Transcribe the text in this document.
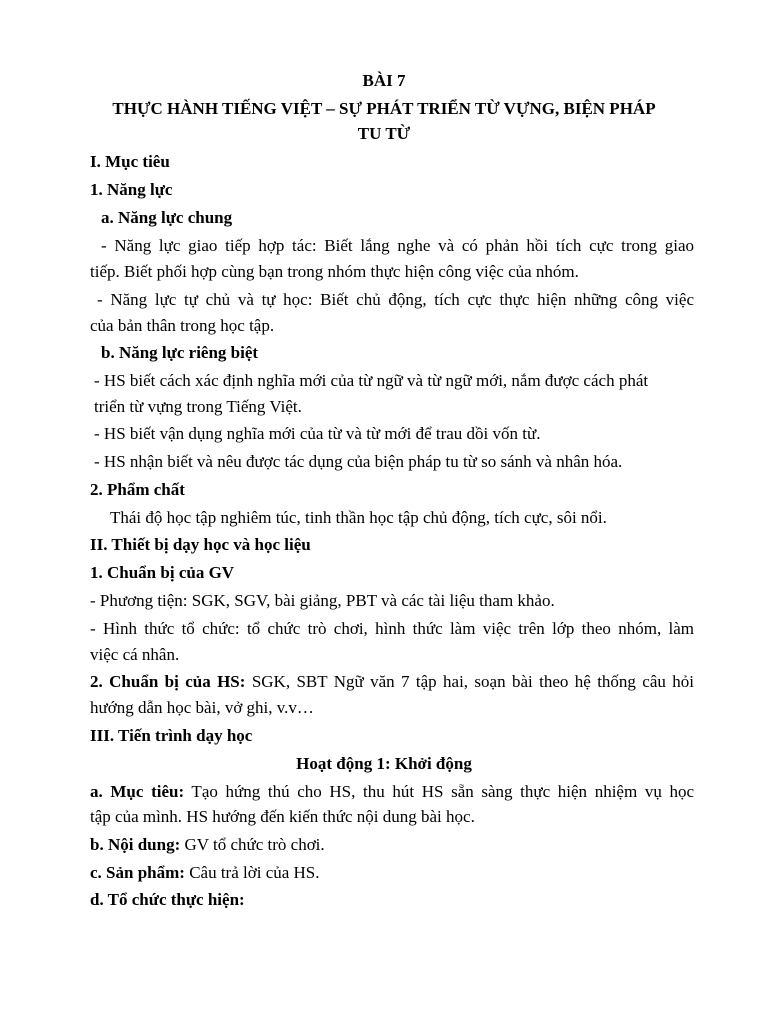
BÀI 7

THỰC HÀNH TIẾNG VIỆT – SỰ PHÁT TRIỂN TỪ VỰNG, BIỆN PHÁP

TU TỪ

I. Mục tiêu

1. Năng lực

a. Năng lực chung

- Năng lực giao tiếp hợp tác: Biết lắng nghe và có phản hồi tích cực trong giao

tiếp. Biết phối hợp cùng bạn trong nhóm thực hiện công việc của nhóm.

- Năng lực tự chủ và tự học: Biết chủ động, tích cực thực hiện những công việc

của bản thân trong học tập.

b. Năng lực riêng biệt

- HS biết cách xác định nghĩa mới của từ ngữ và từ ngữ mới, nắm được cách phát

triển từ vựng trong Tiếng Việt.

- HS biết vận dụng nghĩa mới của từ và từ mới để trau dồi vốn từ.

- HS nhận biết và nêu được tác dụng của biện pháp tu từ so sánh và nhân hóa.

2. Phẩm chất

Thái độ học tập nghiêm túc, tinh thần học tập chủ động, tích cực, sôi nổi.

II. Thiết bị dạy học và học liệu

1. Chuẩn bị của GV

- Phương tiện: SGK, SGV, bài giảng, PBT và các tài liệu tham khảo.

- Hình thức tổ chức: tổ chức trò chơi, hình thức làm việc trên lớp theo nhóm, làm

việc cá nhân.

2. Chuẩn bị của HS: SGK, SBT Ngữ văn 7 tập hai, soạn bài theo hệ thống câu hỏi

hướng dẫn học bài, vở ghi, v.v…

III. Tiến trình dạy học

Hoạt động 1: Khởi động

a. Mục tiêu: Tạo hứng thú cho HS, thu hút HS sẵn sàng thực hiện nhiệm vụ học

tập của mình. HS hướng đến kiến thức nội dung bài học.

b. Nội dung: GV tổ chức trò chơi.

c. Sản phẩm: Câu trả lời của HS.

d. Tổ chức thực hiện:
